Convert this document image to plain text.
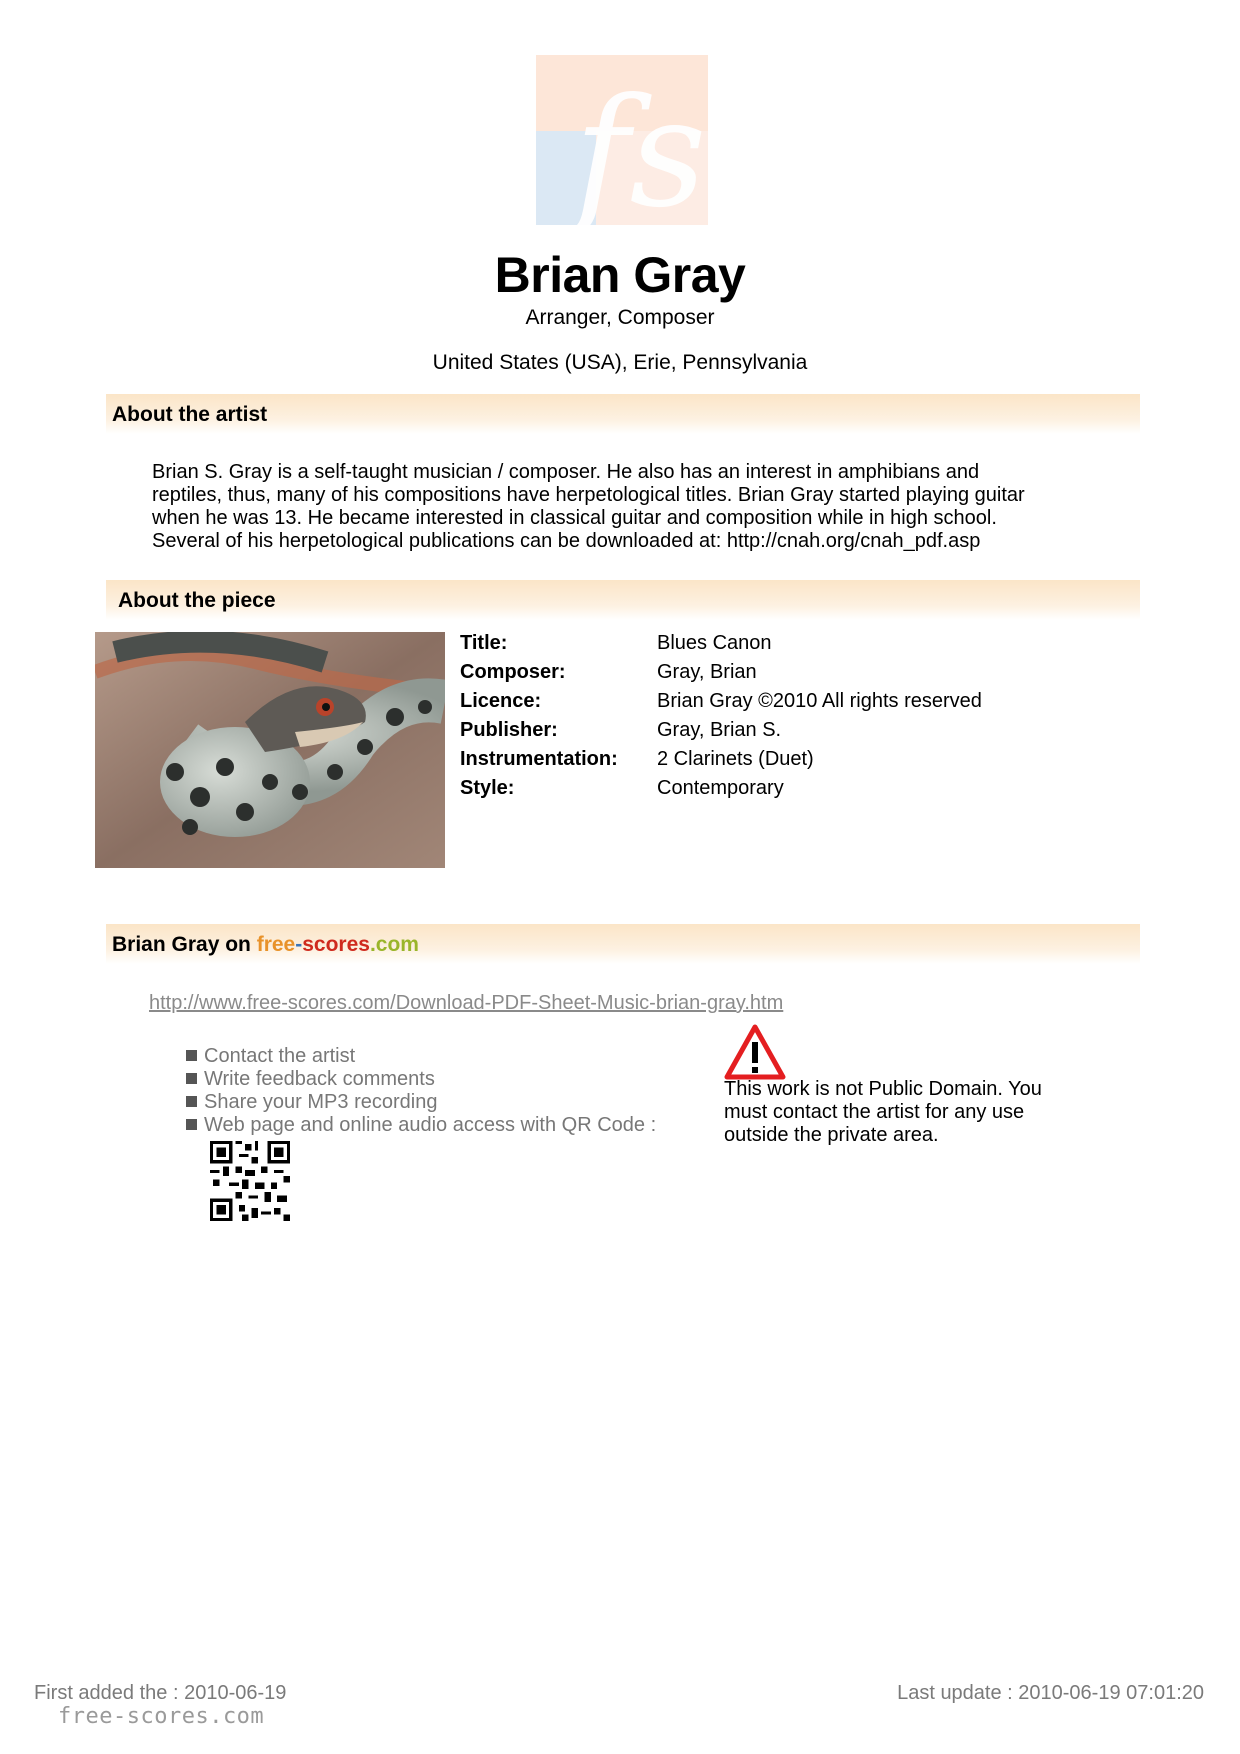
fs
Brian Gray
Arranger, Composer
United States (USA), Erie, Pennsylvania
About the artist
Brian S. Gray is a self-taught musician / composer. He also has an interest in amphibians and
reptiles, thus, many of his compositions have herpetological titles. Brian Gray started playing guitar
when he was 13. He became interested in classical guitar and composition while in high school.
Several of his herpetological publications can be downloaded at: http://cnah.org/cnah_pdf.asp
About the piece
Title:	Blues Canon
Composer:	Gray, Brian
Licence:	Brian Gray ©2010 All rights reserved
Publisher:	Gray, Brian S.
Instrumentation:	2 Clarinets (Duet)
Style:	Contemporary
Brian Gray on free-scores.com
http://www.free-scores.com/Download-PDF-Sheet-Music-brian-gray.htm
Contact the artist
Write feedback comments
Share your MP3 recording
Web page and online audio access with QR Code :
This work is not Public Domain. You
must contact the artist for any use
outside the private area.
First added the : 2010-06-19	Last update : 2010-06-19 07:01:20
free-scores.com
